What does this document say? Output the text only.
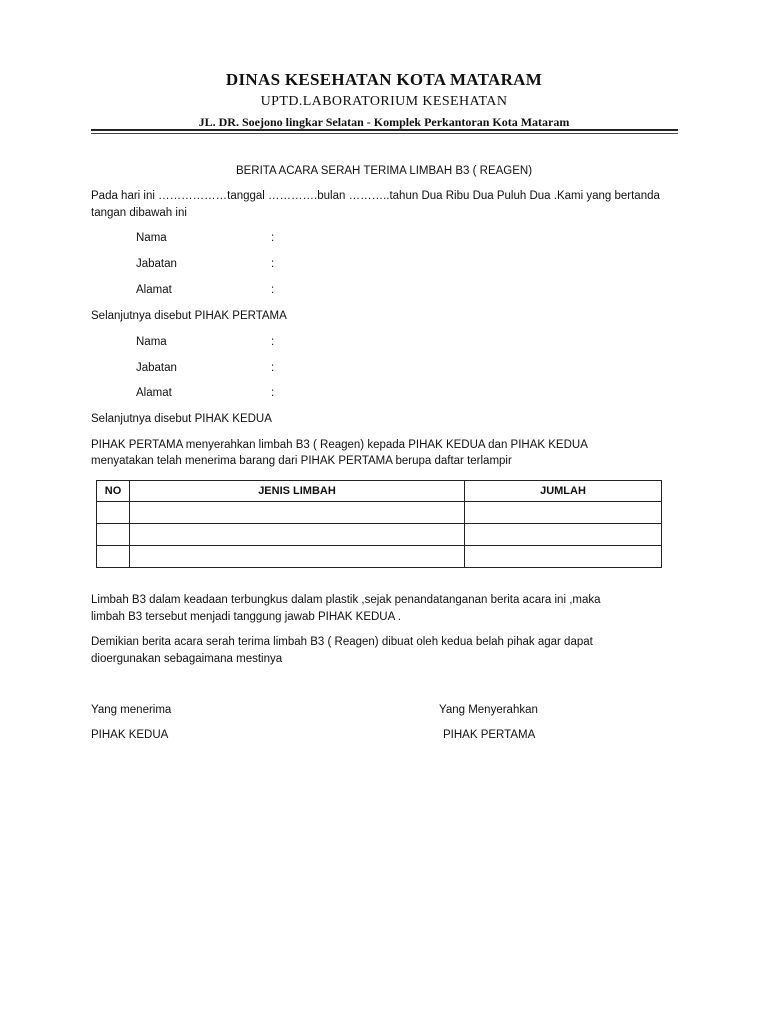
DINAS KESEHATAN KOTA MATARAM
UPTD.LABORATORIUM KESEHATAN
JL. DR. Soejono lingkar Selatan - Komplek Perkantoran Kota Mataram
BERITA ACARA SERAH TERIMA LIMBAH B3 ( REAGEN)
Pada hari ini ………………tanggal ………….bulan ………..tahun Dua Ribu Dua Puluh Dua .Kami yang bertanda
tangan dibawah ini
Nama	:
Jabatan	:
Alamat	:
Selanjutnya disebut PIHAK PERTAMA
Nama	:
Jabatan	:
Alamat	:
Selanjutnya disebut PIHAK KEDUA
PIHAK PERTAMA menyerahkan limbah B3 ( Reagen) kepada PIHAK KEDUA dan PIHAK KEDUA
menyatakan telah menerima barang dari PIHAK PERTAMA berupa daftar terlampir
NO	JENIS LIMBAH	JUMLAH

Limbah B3 dalam keadaan terbungkus dalam plastik ,sejak penandatanganan berita acara ini ,maka
limbah B3 tersebut menjadi tanggung jawab PIHAK KEDUA .
Demikian berita acara serah terima limbah B3 ( Reagen) dibuat oleh kedua belah pihak agar dapat
dioergunakan sebagaimana mestinya
Yang menerima
PIHAK KEDUA
Yang Menyerahkan
PIHAK PERTAMA
